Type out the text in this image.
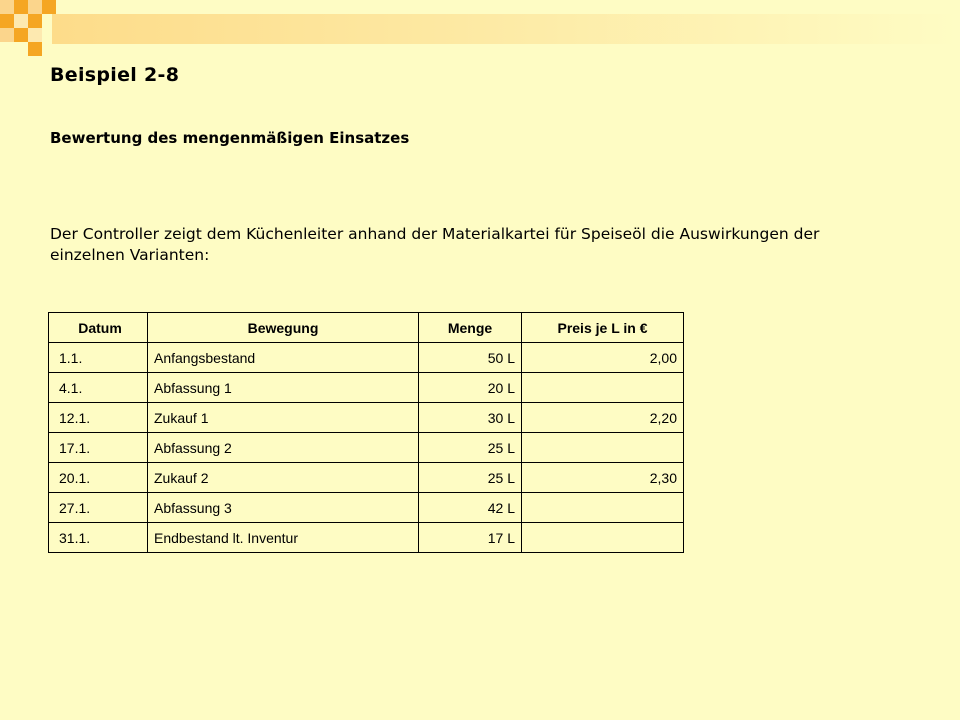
Beispiel 2-8
Bewertung des mengenmäßigen Einsatzes

Der Controller zeigt dem Küchenleiter anhand der Materialkartei für Speiseöl die Auswirkungen der einzelnen Varianten:

Datum	Bewegung	Menge	Preis je L in €
1.1.	Anfangsbestand	50 L	2,00
4.1.	Abfassung 1	20 L	
12.1.	Zukauf 1	30 L	2,20
17.1.	Abfassung 2	25 L	
20.1.	Zukauf 2	25 L	2,30
27.1.	Abfassung 3	42 L	
31.1.	Endbestand lt. Inventur	17 L	
